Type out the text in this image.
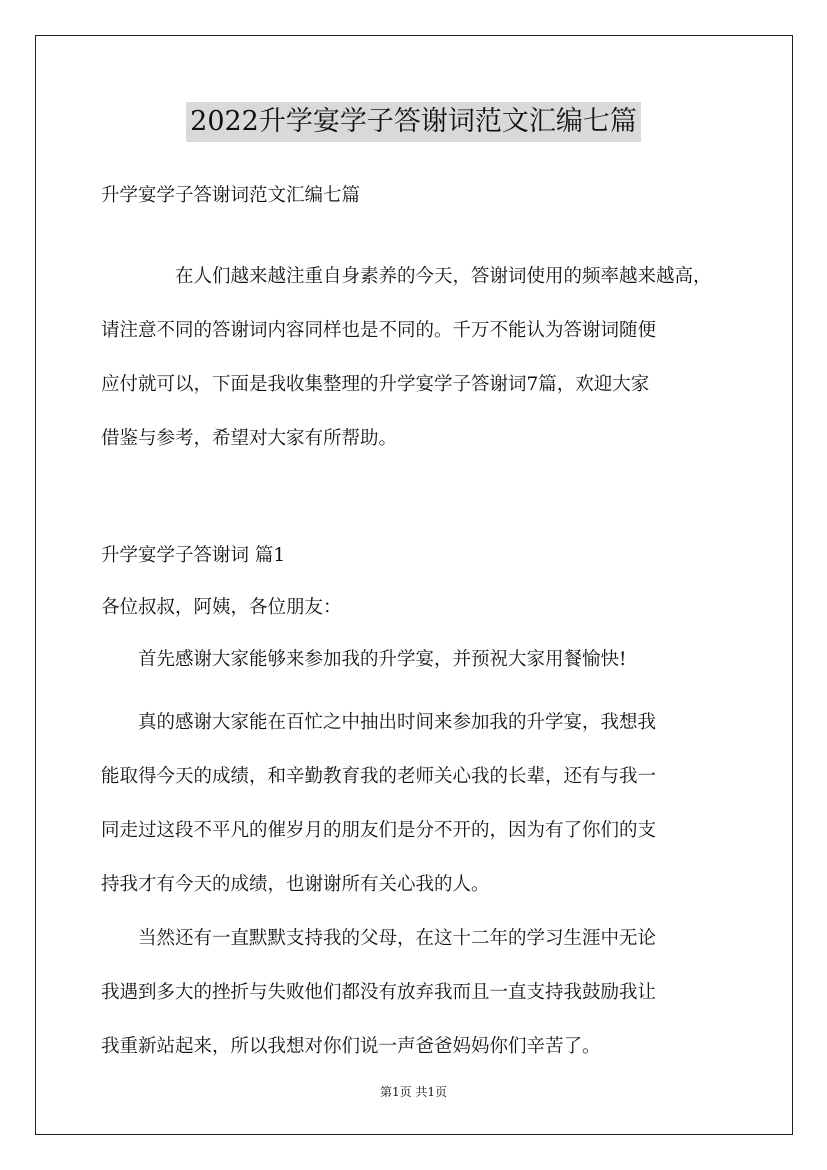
2022升学宴学子答谢词范文汇编七篇

升学宴学子答谢词范文汇编七篇

在人们越来越注重自身素养的今天，答谢词使用的频率越来越高，
请注意不同的答谢词内容同样也是不同的。千万不能认为答谢词随便
应付就可以，下面是我收集整理的升学宴学子答谢词7篇，欢迎大家
借鉴与参考，希望对大家有所帮助。

升学宴学子答谢词 篇1

各位叔叔，阿姨，各位朋友：

首先感谢大家能够来参加我的升学宴，并预祝大家用餐愉快!

真的感谢大家能在百忙之中抽出时间来参加我的升学宴，我想我
能取得今天的成绩，和辛勤教育我的老师关心我的长辈，还有与我一
同走过这段不平凡的催岁月的朋友们是分不开的，因为有了你们的支
持我才有今天的成绩，也谢谢所有关心我的人。
当然还有一直默默支持我的父母，在这十二年的学习生涯中无论
我遇到多大的挫折与失败他们都没有放弃我而且一直支持我鼓励我让
我重新站起来，所以我想对你们说一声爸爸妈妈你们辛苦了。
第1页 共1页
